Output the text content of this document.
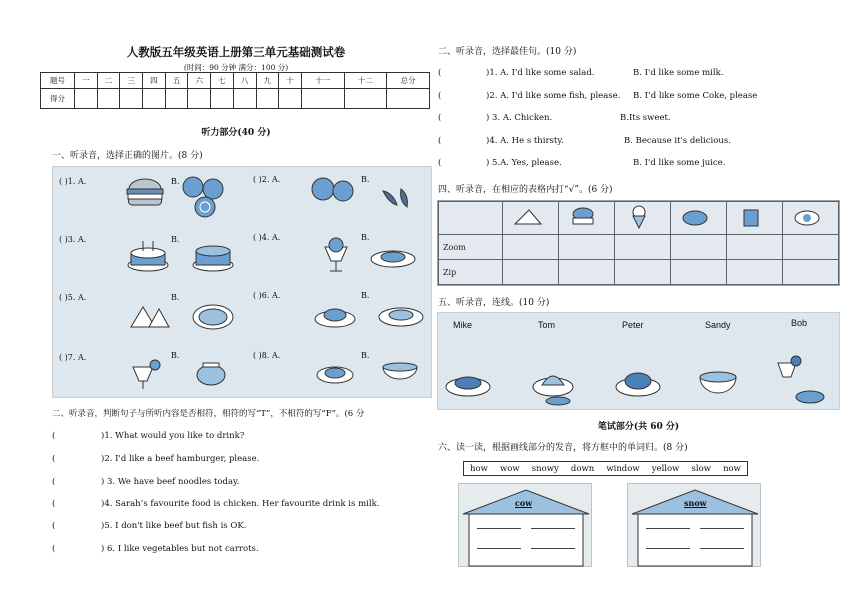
人教版五年级英语上册第三单元基础测试卷
(时间：90 分钟 满分：100 分)
题号	一	二	三	四	五	六	七	八	九	十	十一	十二	总分
得分													
听力部分(40 分)
一、听录音，选择正确的图片。(8 分)
( )1. A.	B.	( )2. A.	B.
( )3. A.	B.	( )4. A.	B.
( )5. A.	B.	( )6. A.	B.
( )7. A.	B.	( )8. A.	B.
二、听录音，判断句子与所听内容是否相符，相符的写“T”，不相符的写“F”。(6 分
(	)1. What would you like to drink?
(	)2. I'd like a beef hamburger, please.
(	) 3. We have beef noodles today.
(	)4. Sarah’s favourite food is chicken. Her favourite drink is milk.
(	)5. I don't like beef but fish is OK.
(	) 6. I like vegetables but not carrots.
二、听录音，选择最佳句。(10 分)
(	)1. A. I'd like some salad.	B. I'd like some milk.
(	)2. A. I'd like some fish, please. B. I’d like some Coke, please
(	) 3. A. Chicken.	B.Its sweet.
(	)4. A. He s thirsty.	B. Because it's delicious.
(	) 5.A. Yes, please.	B. I'd like some juice.
四、听录音，在相应的表格内打“√”。(6 分)

Zoom						
Zip						
五、听录音，连线。(10 分)
Mike	Tom	Peter	Sandy	Bob
笔试部分(共 60 分)
六、读一读，根据画线部分的发音，将方框中的单词归。(8 分)
how wow snowy down window yellow slow now
cow	snow
